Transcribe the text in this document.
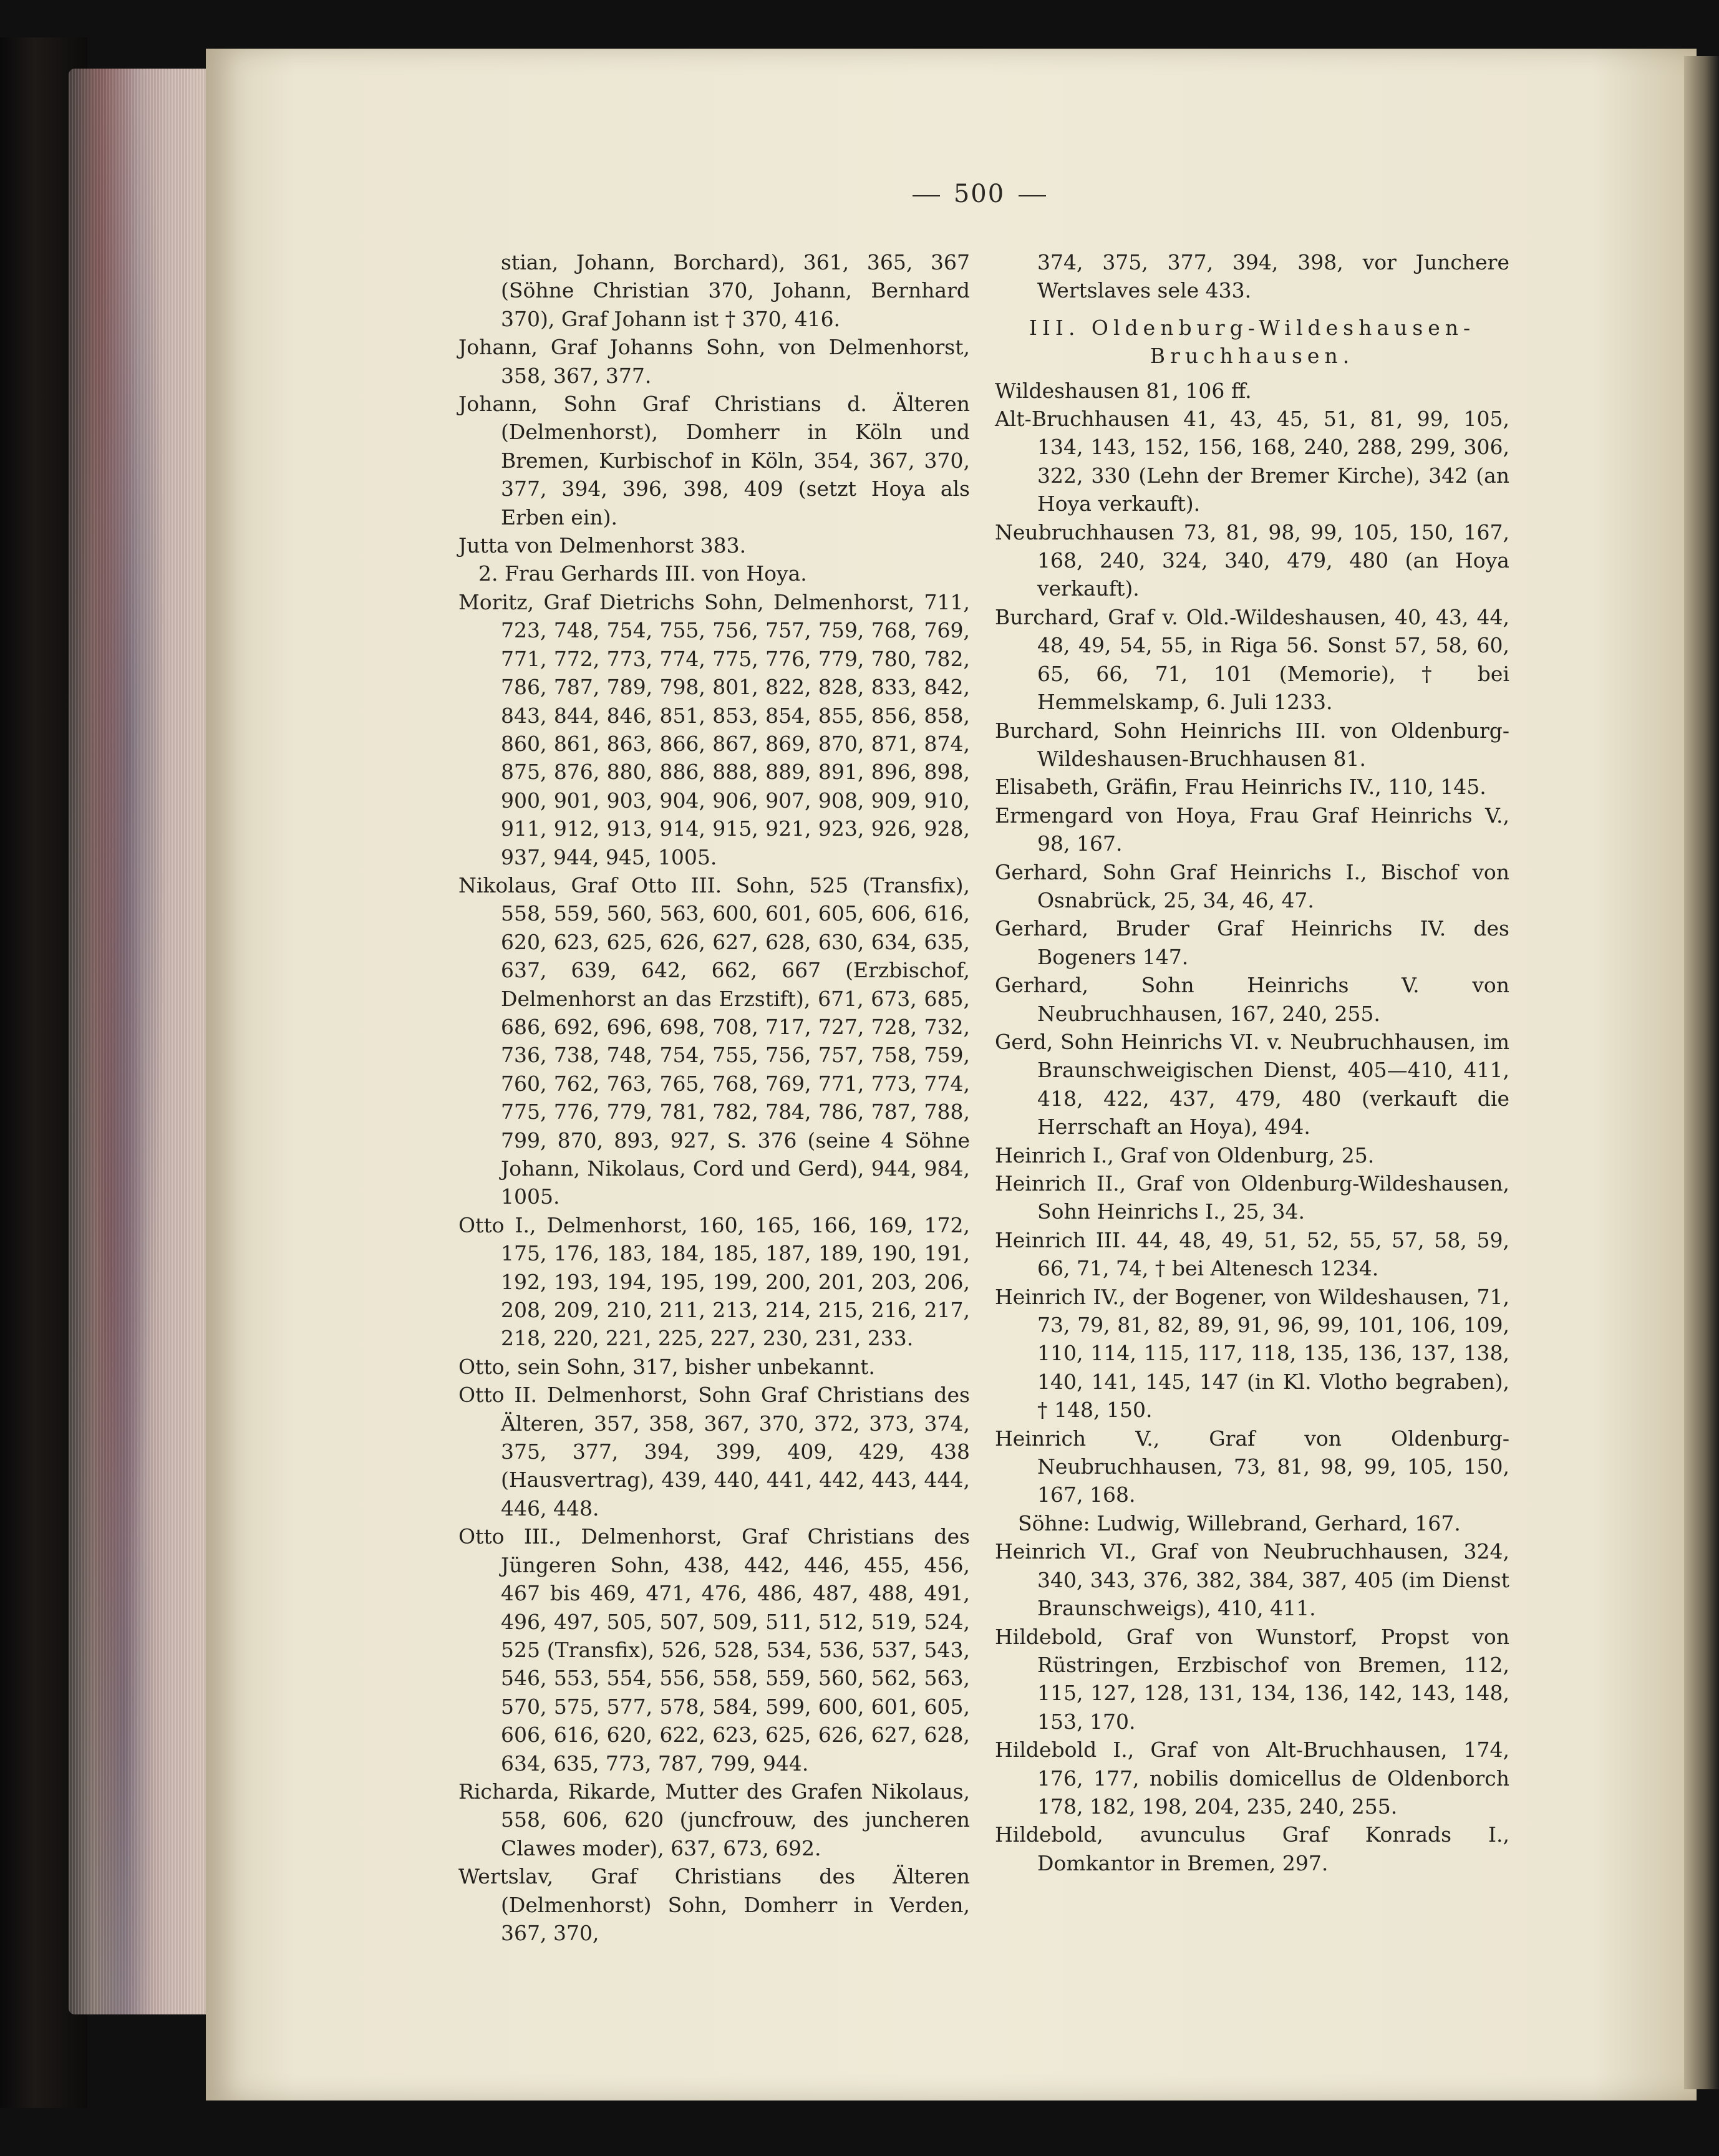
500

stian, Johann, Borchard), 361, 365, 367 (Söhne Christian 370, Johann, Bernhard 370), Graf Johann ist † 370, 416.

Johann, Graf Johanns Sohn, von Delmenhorst, 358, 367, 377.

Johann, Sohn Graf Christians d. Älteren (Delmenhorst), Domherr in Köln und Bremen, Kurbischof in Köln, 354, 367, 370, 377, 394, 396, 398, 409 (setzt Hoya als Erben ein).

Jutta von Delmenhorst 383.

2. Frau Gerhards III. von Hoya.

Moritz, Graf Dietrichs Sohn, Delmenhorst, 711, 723, 748, 754, 755, 756, 757, 759, 768, 769, 771, 772, 773, 774, 775, 776, 779, 780, 782, 786, 787, 789, 798, 801, 822, 828, 833, 842, 843, 844, 846, 851, 853, 854, 855, 856, 858, 860, 861, 863, 866, 867, 869, 870, 871, 874, 875, 876, 880, 886, 888, 889, 891, 896, 898, 900, 901, 903, 904, 906, 907, 908, 909, 910, 911, 912, 913, 914, 915, 921, 923, 926, 928, 937, 944, 945, 1005.

Nikolaus, Graf Otto III. Sohn, 525 (Transfix), 558, 559, 560, 563, 600, 601, 605, 606, 616, 620, 623, 625, 626, 627, 628, 630, 634, 635, 637, 639, 642, 662, 667 (Erzbischof, Delmenhorst an das Erzstift), 671, 673, 685, 686, 692, 696, 698, 708, 717, 727, 728, 732, 736, 738, 748, 754, 755, 756, 757, 758, 759, 760, 762, 763, 765, 768, 769, 771, 773, 774, 775, 776, 779, 781, 782, 784, 786, 787, 788, 799, 870, 893, 927, S. 376 (seine 4 Söhne Johann, Nikolaus, Cord und Gerd), 944, 984, 1005.

Otto I., Delmenhorst, 160, 165, 166, 169, 172, 175, 176, 183, 184, 185, 187, 189, 190, 191, 192, 193, 194, 195, 199, 200, 201, 203, 206, 208, 209, 210, 211, 213, 214, 215, 216, 217, 218, 220, 221, 225, 227, 230, 231, 233.

Otto, sein Sohn, 317, bisher unbekannt.

Otto II. Delmenhorst, Sohn Graf Christians des Älteren, 357, 358, 367, 370, 372, 373, 374, 375, 377, 394, 399, 409, 429, 438 (Hausvertrag), 439, 440, 441, 442, 443, 444, 446, 448.

Otto III., Delmenhorst, Graf Christians des Jüngeren Sohn, 438, 442, 446, 455, 456, 467 bis 469, 471, 476, 486, 487, 488, 491, 496, 497, 505, 507, 509, 511, 512, 519, 524, 525 (Transfix), 526, 528, 534, 536, 537, 543, 546, 553, 554, 556, 558, 559, 560, 562, 563, 570, 575, 577, 578, 584, 599, 600, 601, 605, 606, 616, 620, 622, 623, 625, 626, 627, 628, 634, 635, 773, 787, 799, 944.

Richarda, Rikarde, Mutter des Grafen Nikolaus, 558, 606, 620 (juncfrouw, des juncheren Clawes moder), 637, 673, 692.

Wertslav, Graf Christians des Älteren (Delmenhorst) Sohn, Domherr in Verden, 367, 370,

374, 375, 377, 394, 398, vor Junchere Wertslaves sele 433.

III. Oldenburg-Wildeshausen-Bruchhausen.

Wildeshausen 81, 106 ff.

Alt-Bruchhausen 41, 43, 45, 51, 81, 99, 105, 134, 143, 152, 156, 168, 240, 288, 299, 306, 322, 330 (Lehn der Bremer Kirche), 342 (an Hoya verkauft).

Neubruchhausen 73, 81, 98, 99, 105, 150, 167, 168, 240, 324, 340, 479, 480 (an Hoya verkauft).

Burchard, Graf v. Old.-Wildeshausen, 40, 43, 44, 48, 49, 54, 55, in Riga 56. Sonst 57, 58, 60, 65, 66, 71, 101 (Memorie), † bei Hemmelskamp, 6. Juli 1233.

Burchard, Sohn Heinrichs III. von Oldenburg-Wildeshausen-Bruchhausen 81.

Elisabeth, Gräfin, Frau Heinrichs IV., 110, 145.

Ermengard von Hoya, Frau Graf Heinrichs V., 98, 167.

Gerhard, Sohn Graf Heinrichs I., Bischof von Osnabrück, 25, 34, 46, 47.

Gerhard, Bruder Graf Heinrichs IV. des Bogeners 147.

Gerhard, Sohn Heinrichs V. von Neubruchhausen, 167, 240, 255.

Gerd, Sohn Heinrichs VI. v. Neubruchhausen, im Braunschweigischen Dienst, 405—410, 411, 418, 422, 437, 479, 480 (verkauft die Herrschaft an Hoya), 494.

Heinrich I., Graf von Oldenburg, 25.

Heinrich II., Graf von Oldenburg-Wildeshausen, Sohn Heinrichs I., 25, 34.

Heinrich III. 44, 48, 49, 51, 52, 55, 57, 58, 59, 66, 71, 74, † bei Altenesch 1234.

Heinrich IV., der Bogener, von Wildeshausen, 71, 73, 79, 81, 82, 89, 91, 96, 99, 101, 106, 109, 110, 114, 115, 117, 118, 135, 136, 137, 138, 140, 141, 145, 147 (in Kl. Vlotho begraben), † 148, 150.

Heinrich V., Graf von Oldenburg-Neubruchhausen, 73, 81, 98, 99, 105, 150, 167, 168.

Söhne: Ludwig, Willebrand, Gerhard, 167.

Heinrich VI., Graf von Neubruchhausen, 324, 340, 343, 376, 382, 384, 387, 405 (im Dienst Braunschweigs), 410, 411.

Hildebold, Graf von Wunstorf, Propst von Rüstringen, Erzbischof von Bremen, 112, 115, 127, 128, 131, 134, 136, 142, 143, 148, 153, 170.

Hildebold I., Graf von Alt-Bruchhausen, 174, 176, 177, nobilis domicellus de Oldenborch 178, 182, 198, 204, 235, 240, 255.

Hildebold, avunculus Graf Konrads I., Domkantor in Bremen, 297.
